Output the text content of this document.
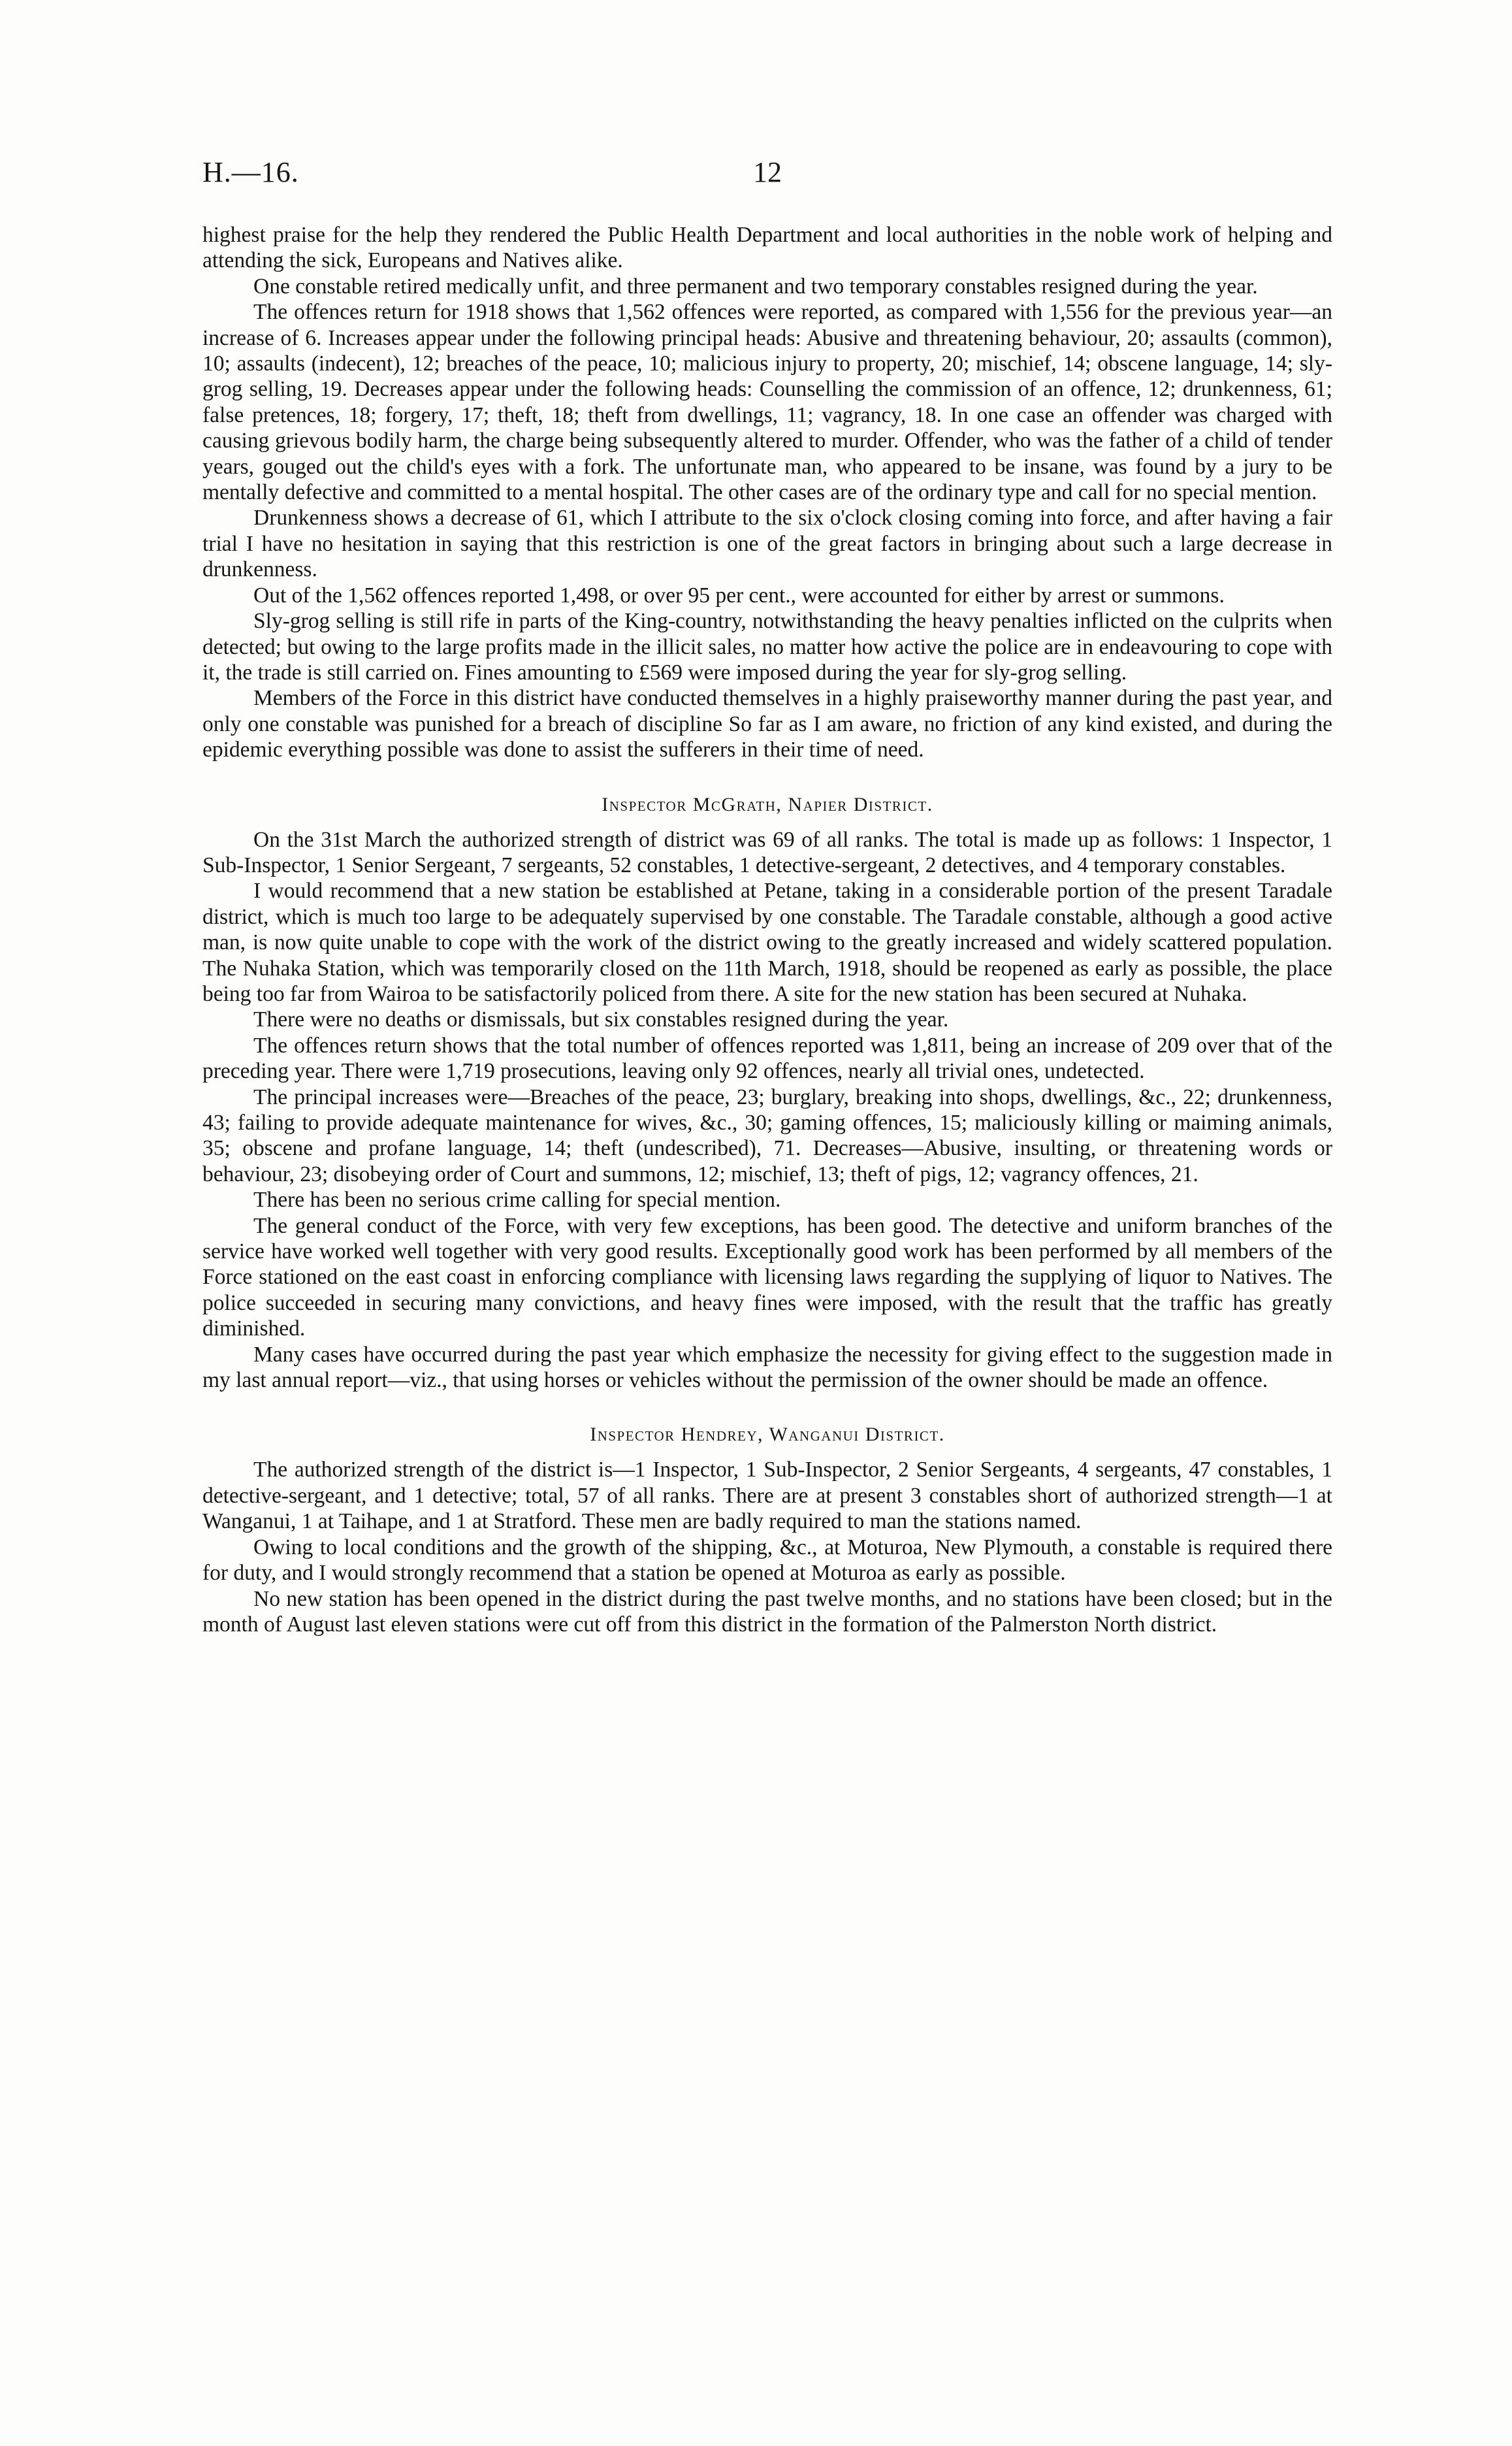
H.—16.	12

highest praise for the help they rendered the Public Health Department and local authorities in the noble work of helping and attending the sick, Europeans and Natives alike.

One constable retired medically unfit, and three permanent and two temporary constables resigned during the year.

The offences return for 1918 shows that 1,562 offences were reported, as compared with 1,556 for the previous year—an increase of 6. Increases appear under the following principal heads: Abusive and threatening behaviour, 20; assaults (common), 10; assaults (indecent), 12; breaches of the peace, 10; malicious injury to property, 20; mischief, 14; obscene language, 14; sly-grog selling, 19. Decreases appear under the following heads: Counselling the commission of an offence, 12; drunkenness, 61; false pretences, 18; forgery, 17; theft, 18; theft from dwellings, 11; vagrancy, 18. In one case an offender was charged with causing grievous bodily harm, the charge being subsequently altered to murder. Offender, who was the father of a child of tender years, gouged out the child's eyes with a fork. The unfortunate man, who appeared to be insane, was found by a jury to be mentally defective and committed to a mental hospital. The other cases are of the ordinary type and call for no special mention.

Drunkenness shows a decrease of 61, which I attribute to the six o'clock closing coming into force, and after having a fair trial I have no hesitation in saying that this restriction is one of the great factors in bringing about such a large decrease in drunkenness.

Out of the 1,562 offences reported 1,498, or over 95 per cent., were accounted for either by arrest or summons.

Sly-grog selling is still rife in parts of the King-country, notwithstanding the heavy penalties inflicted on the culprits when detected; but owing to the large profits made in the illicit sales, no matter how active the police are in endeavouring to cope with it, the trade is still carried on. Fines amounting to £569 were imposed during the year for sly-grog selling.

Members of the Force in this district have conducted themselves in a highly praiseworthy manner during the past year, and only one constable was punished for a breach of discipline So far as I am aware, no friction of any kind existed, and during the epidemic everything possible was done to assist the sufferers in their time of need.

Inspector McGrath, Napier District.

On the 31st March the authorized strength of district was 69 of all ranks. The total is made up as follows: 1 Inspector, 1 Sub-Inspector, 1 Senior Sergeant, 7 sergeants, 52 constables, 1 detective-sergeant, 2 detectives, and 4 temporary constables.

I would recommend that a new station be established at Petane, taking in a considerable portion of the present Taradale district, which is much too large to be adequately supervised by one constable. The Taradale constable, although a good active man, is now quite unable to cope with the work of the district owing to the greatly increased and widely scattered population. The Nuhaka Station, which was temporarily closed on the 11th March, 1918, should be reopened as early as possible, the place being too far from Wairoa to be satisfactorily policed from there. A site for the new station has been secured at Nuhaka.

There were no deaths or dismissals, but six constables resigned during the year.

The offences return shows that the total number of offences reported was 1,811, being an increase of 209 over that of the preceding year. There were 1,719 prosecutions, leaving only 92 offences, nearly all trivial ones, undetected.

The principal increases were—Breaches of the peace, 23; burglary, breaking into shops, dwellings, &c., 22; drunkenness, 43; failing to provide adequate maintenance for wives, &c., 30; gaming offences, 15; maliciously killing or maiming animals, 35; obscene and profane language, 14; theft (undescribed), 71. Decreases—Abusive, insulting, or threatening words or behaviour, 23; disobeying order of Court and summons, 12; mischief, 13; theft of pigs, 12; vagrancy offences, 21.

There has been no serious crime calling for special mention.

The general conduct of the Force, with very few exceptions, has been good. The detective and uniform branches of the service have worked well together with very good results. Exceptionally good work has been performed by all members of the Force stationed on the east coast in enforcing compliance with licensing laws regarding the supplying of liquor to Natives. The police succeeded in securing many convictions, and heavy fines were imposed, with the result that the traffic has greatly diminished.

Many cases have occurred during the past year which emphasize the necessity for giving effect to the suggestion made in my last annual report—viz., that using horses or vehicles without the permission of the owner should be made an offence.

Inspector Hendrey, Wanganui District.

The authorized strength of the district is—1 Inspector, 1 Sub-Inspector, 2 Senior Sergeants, 4 sergeants, 47 constables, 1 detective-sergeant, and 1 detective; total, 57 of all ranks. There are at present 3 constables short of authorized strength—1 at Wanganui, 1 at Taihape, and 1 at Stratford. These men are badly required to man the stations named.

Owing to local conditions and the growth of the shipping, &c., at Moturoa, New Plymouth, a constable is required there for duty, and I would strongly recommend that a station be opened at Moturoa as early as possible.

No new station has been opened in the district during the past twelve months, and no stations have been closed; but in the month of August last eleven stations were cut off from this district in the formation of the Palmerston North district.
